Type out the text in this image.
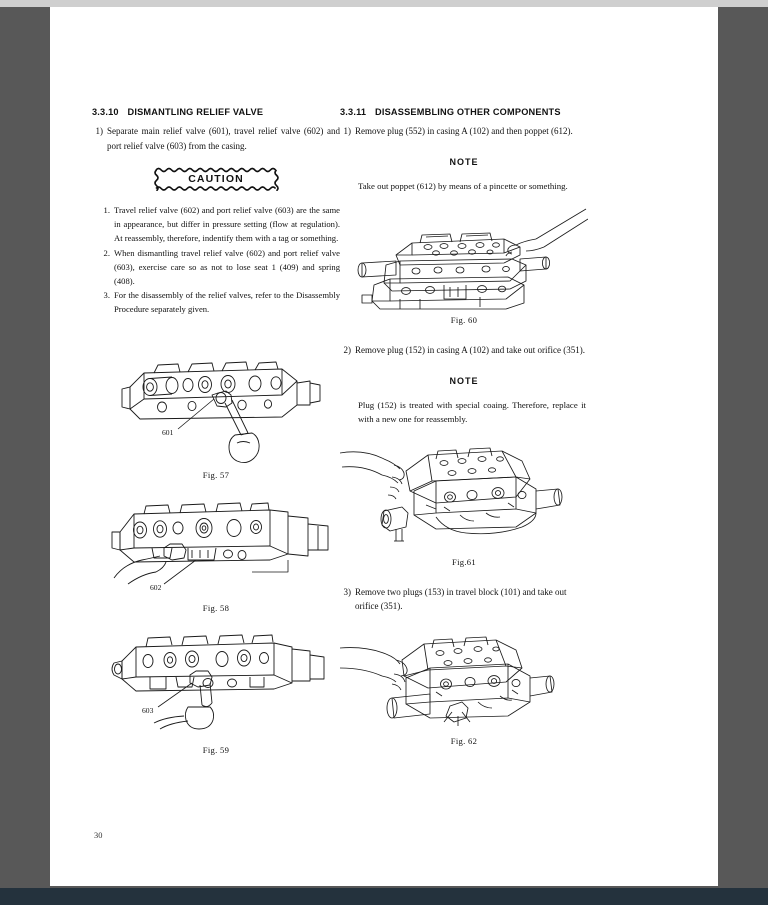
3.3.10 DISMANTLING RELIEF VALVE
1) Separate main relief valve (601), travel relief valve (602) and port relief valve (603) from the casing.
CAUTION
1. Travel relief valve (602) and port relief valve (603) are the same in appearance, but differ in pressure setting (flow at regulation). At reassembly, therefore, indentify them with a tag or something.
2. When dismantling travel relief valve (602) and port relief valve (603), exercise care so as not to lose seat 1 (409) and spring (408).
3. For the disassembly of the relief valves, refer to the Disassembly Procedure separately given.
601
Fig. 57
602
Fig. 58
603
Fig. 59
3.3.11 DISASSEMBLING OTHER COMPONENTS
1) Remove plug (552) in casing A (102) and then poppet (612).
NOTE
Take out poppet (612) by means of a pincette or something.
Fig. 60
2) Remove plug (152) in casing A (102) and take out orifice (351).
NOTE
Plug (152) is treated with special coaing. Therefore, replace it with a new one for reassembly.
Fig.61
3) Remove two plugs (153) in travel block (101) and take out orifice (351).
Fig. 62
30
